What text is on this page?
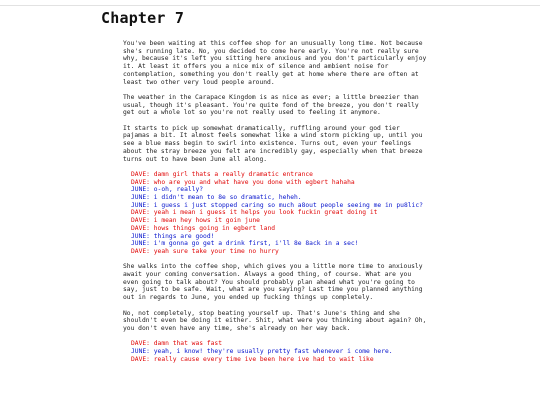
Chapter 7

You've been waiting at this coffee shop for an unusually long time. Not because she's running late. No, you decided to come here early. You're not really sure why, because it's left you sitting here anxious and you don't particularly enjoy it. At least it offers you a nice mix of silence and ambient noise for contemplation, something you don't really get at home where there are often at least two other very loud people around.

The weather in the Carapace Kingdom is as nice as ever; a little breezier than usual, though it's pleasant. You're quite fond of the breeze, you don't really get out a whole lot so you're not really used to feeling it anymore.

It starts to pick up somewhat dramatically, ruffling around your god tier pajamas a bit. It almost feels somewhat like a wind storm picking up, until you see a blue mass begin to swirl into existence. Turns out, even your feelings about the stray breeze you felt are incredibly gay, especially when that breeze turns out to have been June all along.

DAVE: damn girl thats a really dramatic entrance

DAVE: who are you and what have you done with egbert hahaha

JUNE: o-oh, really?

JUNE: i didn't mean to 8e so dramatic, heheh.

JUNE: i guess i just stopped caring so much a8out people seeing me in pu8lic?

DAVE: yeah i mean i guess it helps you look fuckin great doing it

DAVE: i mean hey hows it goin june

DAVE: hows things going in egbert land

JUNE: things are good!

JUNE: i'm gonna go get a drink first, i'll 8e 8ack in a sec!

DAVE: yeah sure take your time no hurry

She walks into the coffee shop, which gives you a little more time to anxiously await your coming conversation. Always a good thing, of course. What are you even going to talk about? You should probably plan ahead what you're going to say, just to be safe. Wait, what are you saying? Last time you planned anything out in regards to June, you ended up fucking things up completely.

No, not completely, stop beating yourself up. That's June's thing and she shouldn't even be doing it either. Shit, what were you thinking about again? Oh, you don't even have any time, she's already on her way back.

DAVE: damn that was fast

JUNE: yeah, i know! they're usually pretty fast whenever i come here.

DAVE: really cause every time ive been here ive had to wait like
